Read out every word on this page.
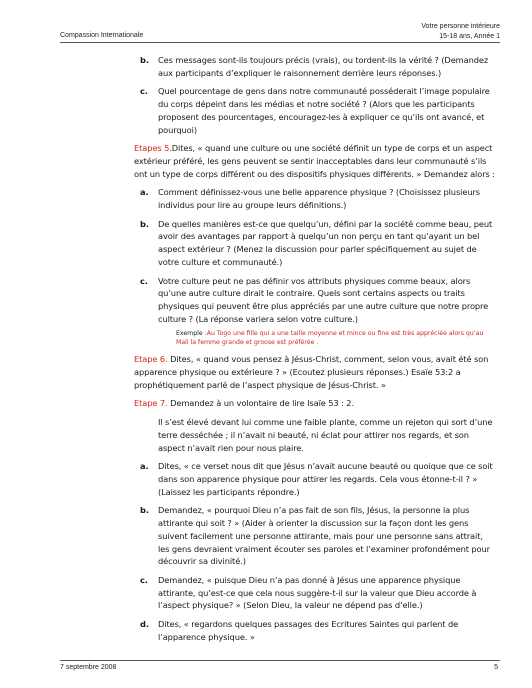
Compassion Internationale
Votre personne intérieure
15-18 ans, Année 1
b.	Ces messages sont-ils toujours précis (vrais), ou tordent-ils la vérité ? (Demandez aux participants d’expliquer le raisonnement derrière leurs réponses.)
c.	Quel pourcentage de gens dans notre communauté posséderait l’image populaire du corps dépeint dans les médias et notre société ? (Alors que les participants proposent des pourcentages, encouragez-les à expliquer ce qu’ils ont avancé, et pourquoi)
Etapes 5.Dites, « quand une culture ou une société définit un type de corps et un aspect extérieur préféré, les gens peuvent se sentir inacceptables dans leur communauté s’ils ont un type de corps différent ou des dispositifs physiques différents. » Demandez alors :
a.	Comment définissez-vous une belle apparence physique ? (Choisissez plusieurs individus pour lire au groupe leurs définitions.)
b.	De quelles manières est-ce que quelqu’un, défini par la société comme beau, peut avoir des avantages par rapport à quelqu’un non perçu en tant qu’ayant un bel aspect extérieur ? (Menez la discussion pour parler spécifiquement au sujet de votre culture et communauté.)
c.	Votre culture peut ne pas définir vos attributs physiques comme beaux, alors qu’une autre culture dirait le contraire. Quels sont certains aspects ou traits physiques qui peuvent être plus appréciés par une autre culture que notre propre culture ? (La réponse variera selon votre culture.)
Exemple :Au Togo une fille qui a une taille moyenne et mince ou fine est très appréciée alors qu’au Mali la femme grande et groose est préférée .
Etape 6. Dites, « quand vous pensez à Jésus-Christ, comment, selon vous, avait été son apparence physique ou extérieure ? » (Ecoutez plusieurs réponses.) Esaïe 53:2 a prophétiquement parlé de l’aspect physique de Jésus-Christ. »
Etape 7. Demandez à un volontaire de lire Isaïe 53 : 2.
Il s’est élevé devant lui comme une faible plante, comme un rejeton qui sort d’une terre desséchée ; il n’avait ni beauté, ni éclat pour attirer nos regards, et son aspect n’avait rien pour nous plaire.
a.	Dites, « ce verset nous dit que Jésus n’avait aucune beauté ou quoique que ce soit dans son apparence physique pour attirer les regards. Cela vous étonne-t-il ? » (Laissez les participants répondre.)
b.	Demandez, « pourquoi Dieu n’a pas fait de son fils, Jésus, la personne la plus attirante qui soit ? » (Aider à orienter la discussion sur la façon dont les gens suivent facilement une personne attirante, mais pour une personne sans attrait, les gens devraient vraiment écouter ses paroles et l’examiner profondément pour découvrir sa divinité.)
c.	Demandez, « puisque Dieu n’a pas donné à Jésus une apparence physique attirante, qu’est-ce que cela nous suggère-t-il sur la valeur que Dieu accorde à l’aspect physique? » (Selon Dieu, la valeur ne dépend pas d’elle.)
d.	Dites, « regardons quelques passages des Ecritures Saintes qui parlent de l’apparence physique. »
7 septembre 2008	5
